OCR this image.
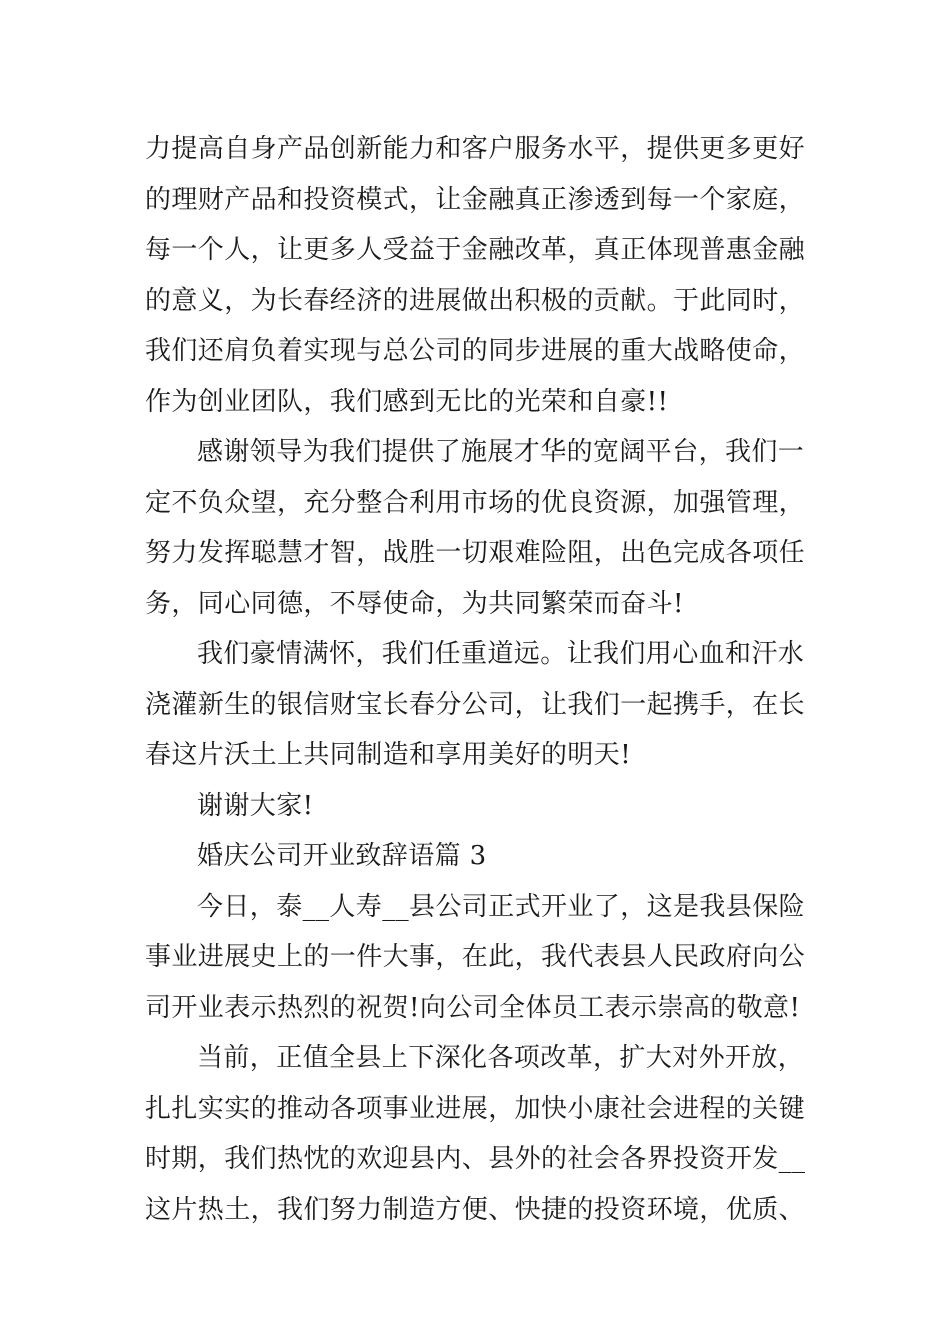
力提高自身产品创新能力和客户服务水平，提供更多更好
的理财产品和投资模式，让金融真正渗透到每一个家庭，
每一个人，让更多人受益于金融改革，真正体现普惠金融
的意义，为长春经济的进展做出积极的贡献。于此同时，
我们还肩负着实现与总公司的同步进展的重大战略使命，
作为创业团队，我们感到无比的光荣和自豪!!
感谢领导为我们提供了施展才华的宽阔平台，我们一
定不负众望，充分整合利用市场的优良资源，加强管理，
努力发挥聪慧才智，战胜一切艰难险阻，出色完成各项任
务，同心同德，不辱使命，为共同繁荣而奋斗!
我们豪情满怀，我们任重道远。让我们用心血和汗水
浇灌新生的银信财宝长春分公司，让我们一起携手，在长
春这片沃土上共同制造和享用美好的明天!
谢谢大家!
婚庆公司开业致辞语篇 3
今日，泰__人寿__县公司正式开业了，这是我县保险
事业进展史上的一件大事，在此，我代表县人民政府向公
司开业表示热烈的祝贺!向公司全体员工表示崇高的敬意!
当前，正值全县上下深化各项改革，扩大对外开放，
扎扎实实的推动各项事业进展，加快小康社会进程的关键
时期，我们热忱的欢迎县内、县外的社会各界投资开发__
这片热土，我们努力制造方便、快捷的投资环境，优质、
